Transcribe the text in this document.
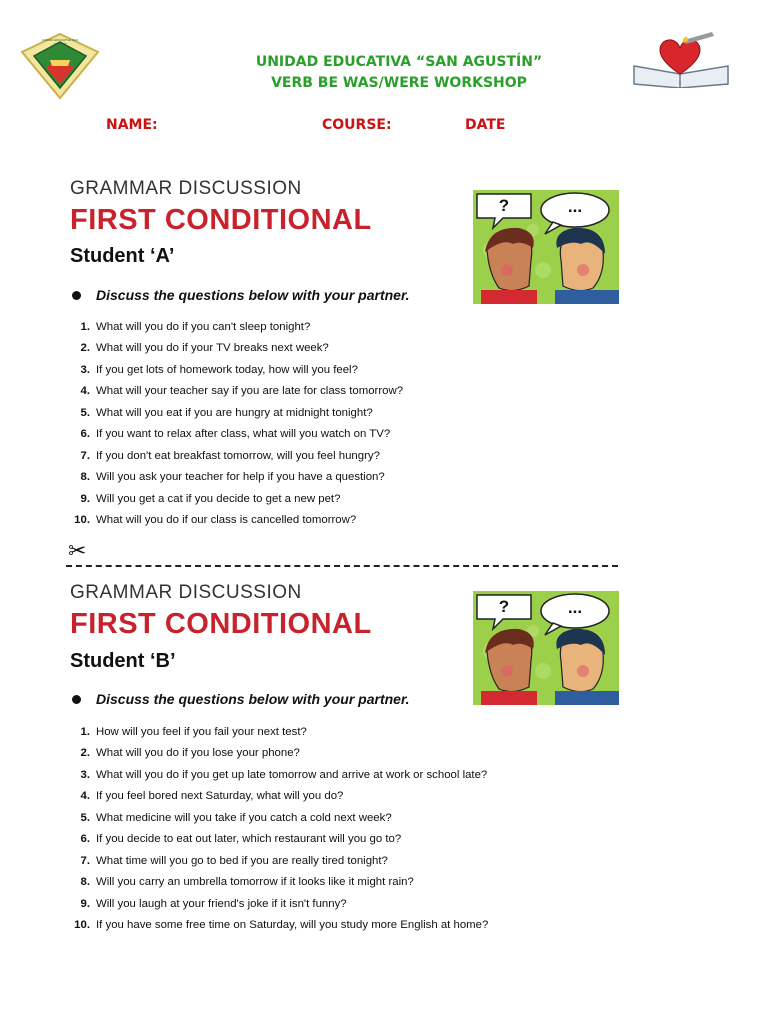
UNIDAD EDUCATIVA SAN AGUSTÍN
UNIDAD EDUCATIVA “SAN AGUSTÍN”
VERB BE WAS/WERE WORKSHOP
NAME:	COURSE:	DATE
GRAMMAR DISCUSSION
FIRST CONDITIONAL
Student ‘A’
Discuss the questions below with your partner.
1. What will you do if you can't sleep tonight?
2. What will you do if your TV breaks next week?
3. If you get lots of homework today, how will you feel?
4. What will your teacher say if you are late for class tomorrow?
5. What will you eat if you are hungry at midnight tonight?
6. If you want to relax after class, what will you watch on TV?
7. If you don't eat breakfast tomorrow, will you feel hungry?
8. Will you ask your teacher for help if you have a question?
9. Will you get a cat if you decide to get a new pet?
10. What will you do if our class is cancelled tomorrow?
?	...
✂
GRAMMAR DISCUSSION
FIRST CONDITIONAL
Student ‘B’
Discuss the questions below with your partner.
1. How will you feel if you fail your next test?
2. What will you do if you lose your phone?
3. What will you do if you get up late tomorrow and arrive at work or school late?
4. If you feel bored next Saturday, what will you do?
5. What medicine will you take if you catch a cold next week?
6. If you decide to eat out later, which restaurant will you go to?
7. What time will you go to bed if you are really tired tonight?
8. Will you carry an umbrella tomorrow if it looks like it might rain?
9. Will you laugh at your friend's joke if it isn't funny?
10. If you have some free time on Saturday, will you study more English at home?
?	...
